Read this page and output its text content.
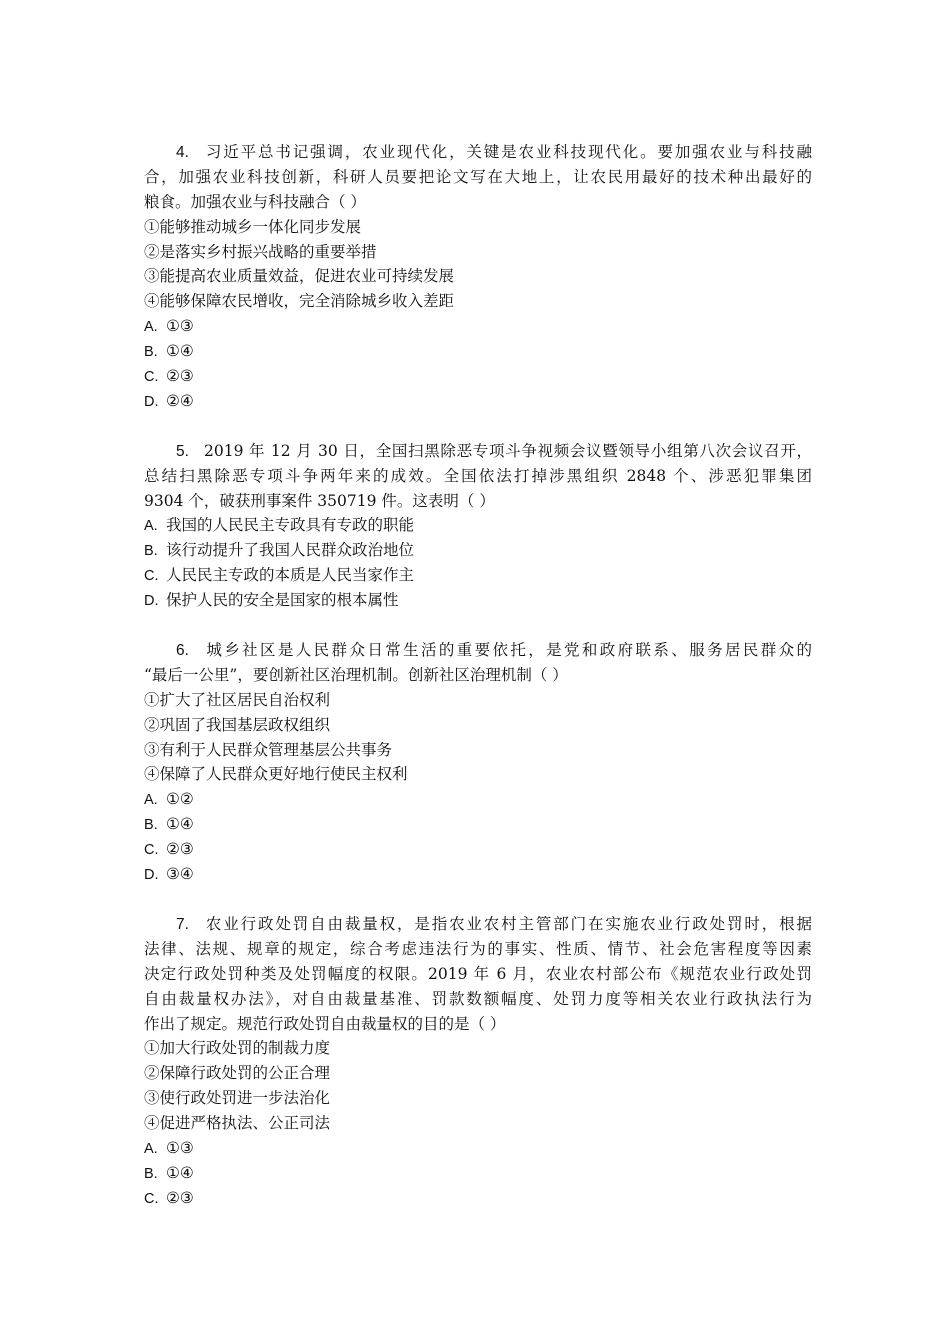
4. 习近平总书记强调，农业现代化，关键是农业科技现代化。要加强农业与科技融
合，加强农业科技创新，科研人员要把论文写在大地上，让农民用最好的技术种出最好的
粮食。加强农业与科技融合（ ）
①能够推动城乡一体化同步发展
②是落实乡村振兴战略的重要举措
③能提高农业质量效益，促进农业可持续发展
④能够保障农民增收，完全消除城乡收入差距
A. ①③
B. ①④
C. ②③
D. ②④
5. 2019 年 12 月 30 日，全国扫黑除恶专项斗争视频会议暨领导小组第八次会议召开，
总结扫黑除恶专项斗争两年来的成效。全国依法打掉涉黑组织 2848 个、涉恶犯罪集团
9304 个，破获刑事案件 350719 件。这表明（ ）
A. 我国的人民民主专政具有专政的职能
B. 该行动提升了我国人民群众政治地位
C. 人民民主专政的本质是人民当家作主
D. 保护人民的安全是国家的根本属性
6. 城乡社区是人民群众日常生活的重要依托，是党和政府联系、服务居民群众的
“最后一公里”，要创新社区治理机制。创新社区治理机制（ ）
①扩大了社区居民自治权利
②巩固了我国基层政权组织
③有利于人民群众管理基层公共事务
④保障了人民群众更好地行使民主权利
A. ①②
B. ①④
C. ②③
D. ③④
7. 农业行政处罚自由裁量权，是指农业农村主管部门在实施农业行政处罚时，根据
法律、法规、规章的规定，综合考虑违法行为的事实、性质、情节、社会危害程度等因素
决定行政处罚种类及处罚幅度的权限。2019 年 6 月，农业农村部公布《规范农业行政处罚
自由裁量权办法》，对自由裁量基准、罚款数额幅度、处罚力度等相关农业行政执法行为
作出了规定。规范行政处罚自由裁量权的目的是（ ）
①加大行政处罚的制裁力度
②保障行政处罚的公正合理
③使行政处罚进一步法治化
④促进严格执法、公正司法
A. ①③
B. ①④
C. ②③
